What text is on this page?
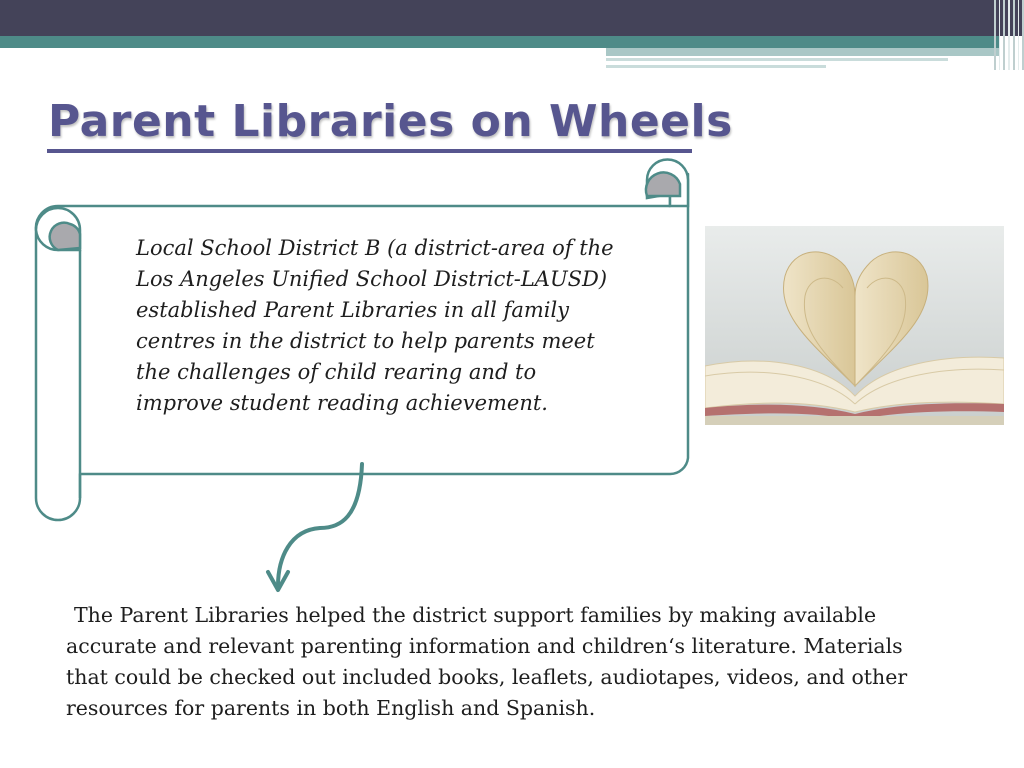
Parent Libraries on Wheels

Local School District B (a district-area of the Los Angeles Unified School District-LAUSD) established Parent Libraries in all family centres in the district to help parents meet the challenges of child rearing and to improve student reading achievement.

The Parent Libraries helped the district support families by making available accurate and relevant parenting information and children‘s literature. Materials that could be checked out included books, leaflets, audiotapes, videos, and other resources for parents in both English and Spanish.
